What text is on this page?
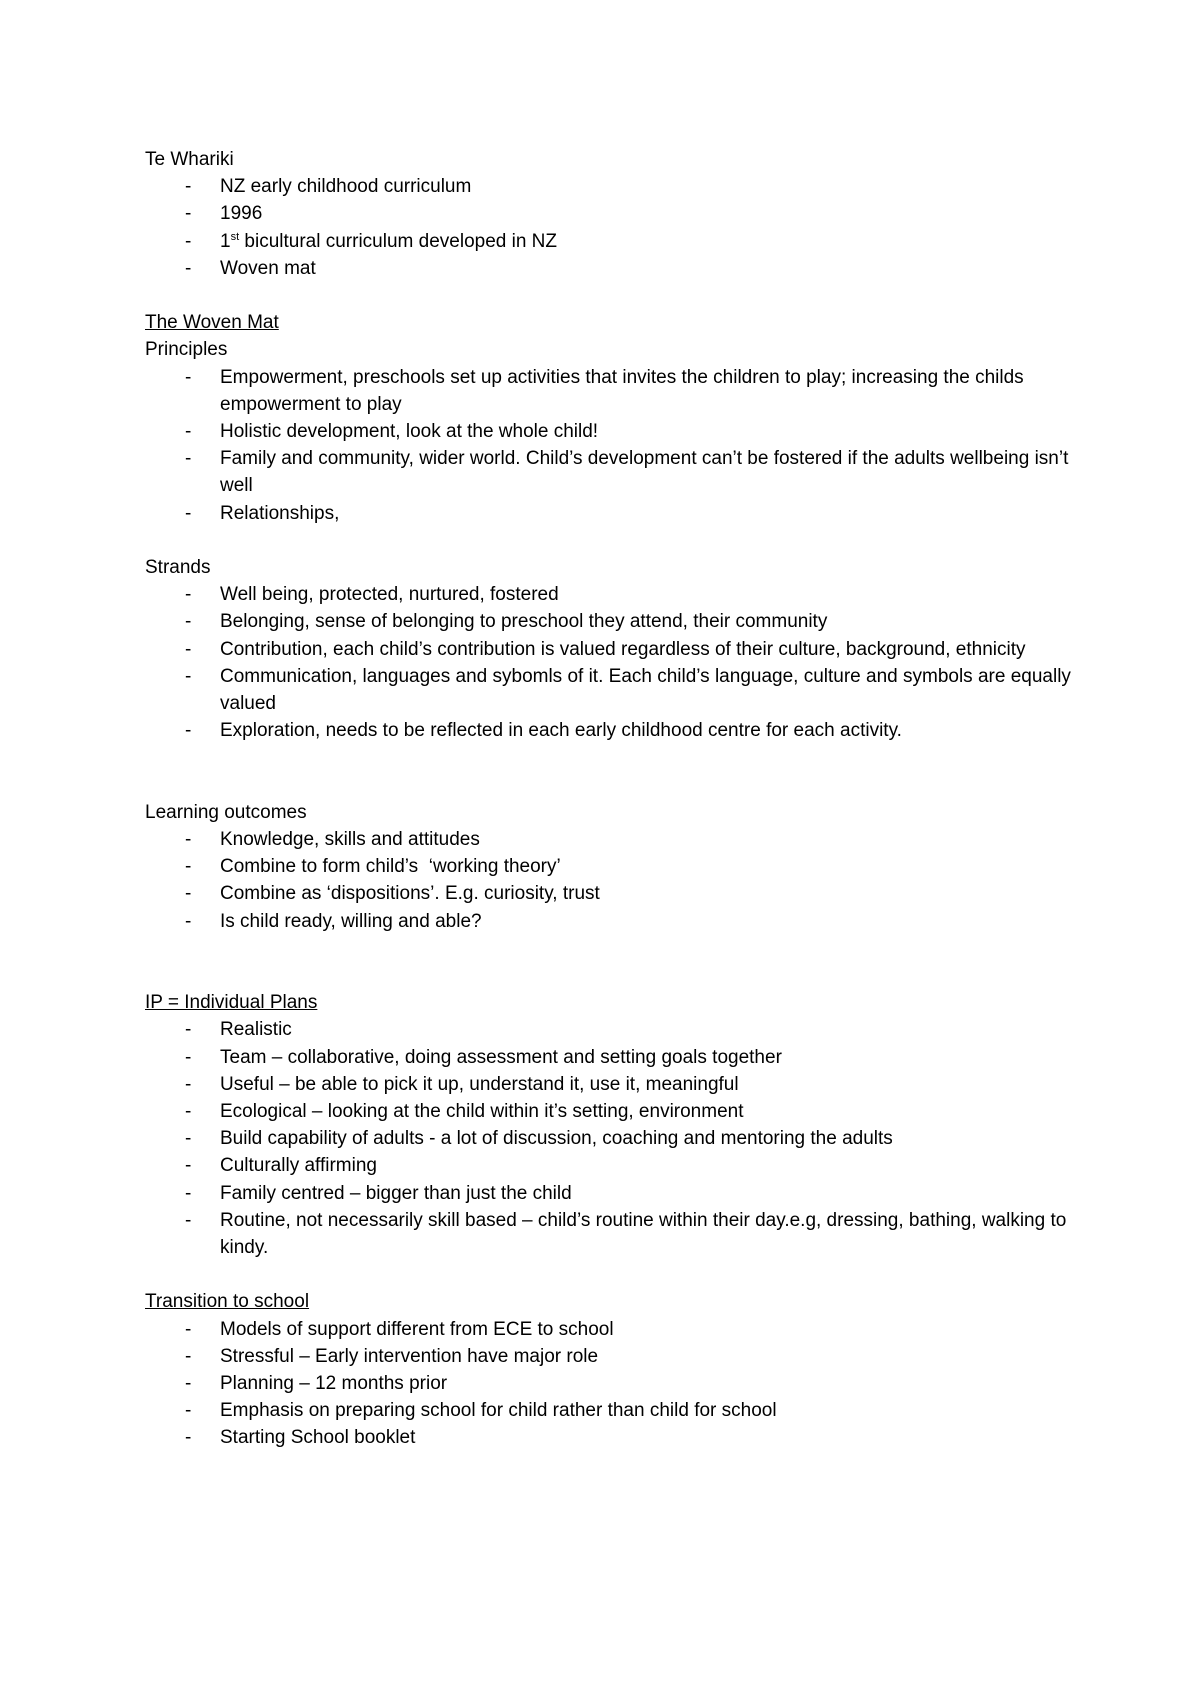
Te Whariki
- NZ early childhood curriculum
- 1996
- 1st bicultural curriculum developed in NZ
- Woven mat
The Woven Mat
Principles
- Empowerment, preschools set up activities that invites the children to play; increasing the childs empowerment to play
- Holistic development, look at the whole child!
- Family and community, wider world. Child’s development can’t be fostered if the adults wellbeing isn’t well
- Relationships,
Strands
- Well being, protected, nurtured, fostered
- Belonging, sense of belonging to preschool they attend, their community
- Contribution, each child’s contribution is valued regardless of their culture, background, ethnicity
- Communication, languages and sybomls of it. Each child’s language, culture and symbols are equally valued
- Exploration, needs to be reflected in each early childhood centre for each activity.
Learning outcomes
- Knowledge, skills and attitudes
- Combine to form child’s  ‘working theory’
- Combine as ‘dispositions’. E.g. curiosity, trust
- Is child ready, willing and able?
IP = Individual Plans
- Realistic
- Team – collaborative, doing assessment and setting goals together
- Useful – be able to pick it up, understand it, use it, meaningful
- Ecological – looking at the child within it’s setting, environment
- Build capability of adults - a lot of discussion, coaching and mentoring the adults
- Culturally affirming
- Family centred – bigger than just the child
- Routine, not necessarily skill based – child’s routine within their day.e.g, dressing, bathing, walking to kindy.
Transition to school
- Models of support different from ECE to school
- Stressful – Early intervention have major role
- Planning – 12 months prior
- Emphasis on preparing school for child rather than child for school
- Starting School booklet
